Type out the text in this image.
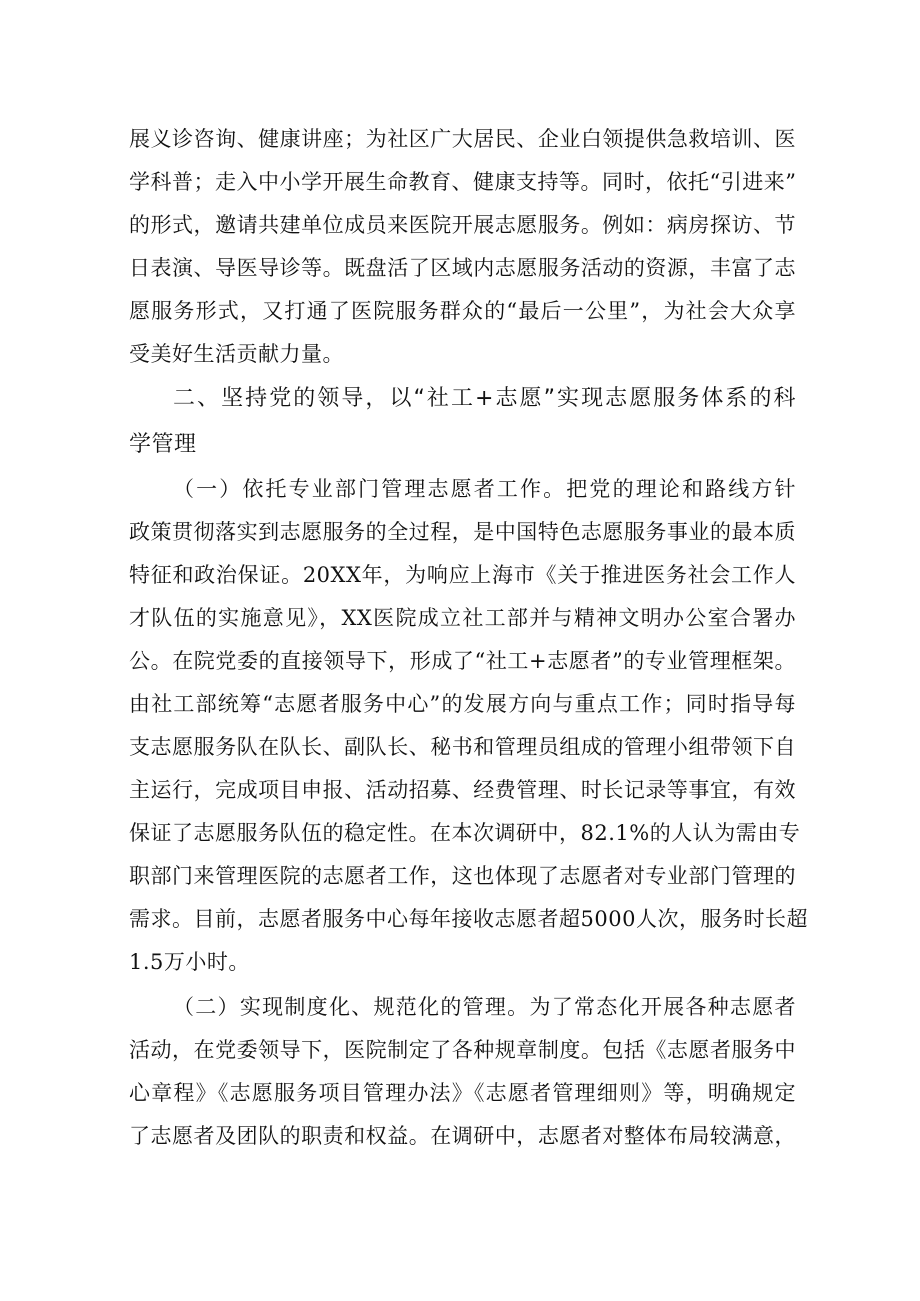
展义诊咨询、健康讲座；为社区广大居民、企业白领提供急救培训、医
学科普；走入中小学开展生命教育、健康支持等。同时，依托“引进来”
的形式，邀请共建单位成员来医院开展志愿服务。例如：病房探访、节
日表演、导医导诊等。既盘活了区域内志愿服务活动的资源，丰富了志
愿服务形式，又打通了医院服务群众的“最后一公里”，为社会大众享
受美好生活贡献力量。
二、坚持党的领导，以“社工+志愿”实现志愿服务体系的科
学管理
（一）依托专业部门管理志愿者工作。把党的理论和路线方针
政策贯彻落实到志愿服务的全过程，是中国特色志愿服务事业的最本质
特征和政治保证。20XX年，为响应上海市《关于推进医务社会工作人
才队伍的实施意见》，XX医院成立社工部并与精神文明办公室合署办
公。在院党委的直接领导下，形成了“社工+志愿者”的专业管理框架。
由社工部统筹“志愿者服务中心”的发展方向与重点工作；同时指导每
支志愿服务队在队长、副队长、秘书和管理员组成的管理小组带领下自
主运行，完成项目申报、活动招募、经费管理、时长记录等事宜，有效
保证了志愿服务队伍的稳定性。在本次调研中，82.1%的人认为需由专
职部门来管理医院的志愿者工作，这也体现了志愿者对专业部门管理的
需求。目前，志愿者服务中心每年接收志愿者超5000人次，服务时长超
1.5万小时。
（二）实现制度化、规范化的管理。为了常态化开展各种志愿者
活动，在党委领导下，医院制定了各种规章制度。包括《志愿者服务中
心章程》《志愿服务项目管理办法》《志愿者管理细则》等，明确规定
了志愿者及团队的职责和权益。在调研中，志愿者对整体布局较满意，
